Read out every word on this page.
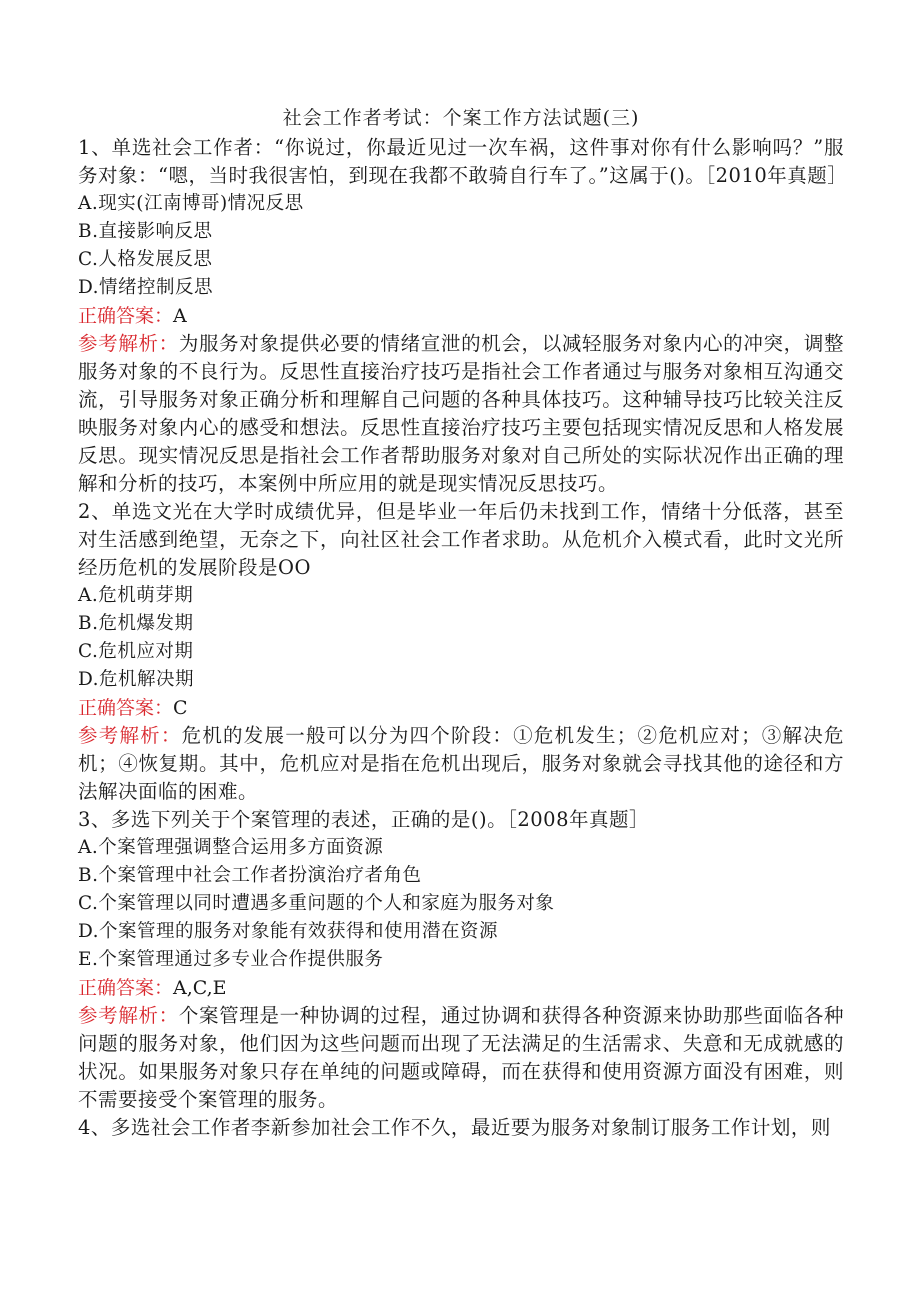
社会工作者考试：个案工作方法试题(三)

1、单选社会工作者：“你说过，你最近见过一次车祸，这件事对你有什么影响吗？”服务对象：“嗯，当时我很害怕，到现在我都不敢骑自行车了。”这属于()。［2010年真题］

A.现实(江南博哥)情况反思

B.直接影响反思

C.人格发展反思

D.情绪控制反思

正确答案：A

参考解析：为服务对象提供必要的情绪宣泄的机会，以减轻服务对象内心的冲突，调整服务对象的不良行为。反思性直接治疗技巧是指社会工作者通过与服务对象相互沟通交流，引导服务对象正确分析和理解自己问题的各种具体技巧。这种辅导技巧比较关注反映服务对象内心的感受和想法。反思性直接治疗技巧主要包括现实情况反思和人格发展反思。现实情况反思是指社会工作者帮助服务对象对自己所处的实际状况作出正确的理解和分析的技巧，本案例中所应用的就是现实情况反思技巧。

2、单选文光在大学时成绩优异，但是毕业一年后仍未找到工作，情绪十分低落，甚至对生活感到绝望，无奈之下，向社区社会工作者求助。从危机介入模式看，此时文光所经历危机的发展阶段是OO

A.危机萌芽期

B.危机爆发期

C.危机应对期

D.危机解决期

正确答案：C

参考解析：危机的发展一般可以分为四个阶段：①危机发生；②危机应对；③解决危机；④恢复期。其中，危机应对是指在危机出现后，服务对象就会寻找其他的途径和方法解决面临的困难。

3、多选下列关于个案管理的表述，正确的是()。［2008年真题］

A.个案管理强调整合运用多方面资源

B.个案管理中社会工作者扮演治疗者角色

C.个案管理以同时遭遇多重问题的个人和家庭为服务对象

D.个案管理的服务对象能有效获得和使用潜在资源

E.个案管理通过多专业合作提供服务

正确答案：A,C,E

参考解析：个案管理是一种协调的过程，通过协调和获得各种资源来协助那些面临各种问题的服务对象，他们因为这些问题而出现了无法满足的生活需求、失意和无成就感的状况。如果服务对象只存在单纯的问题或障碍，而在获得和使用资源方面没有困难，则不需要接受个案管理的服务。

4、多选社会工作者李新参加社会工作不久，最近要为服务对象制订服务工作计划，则
